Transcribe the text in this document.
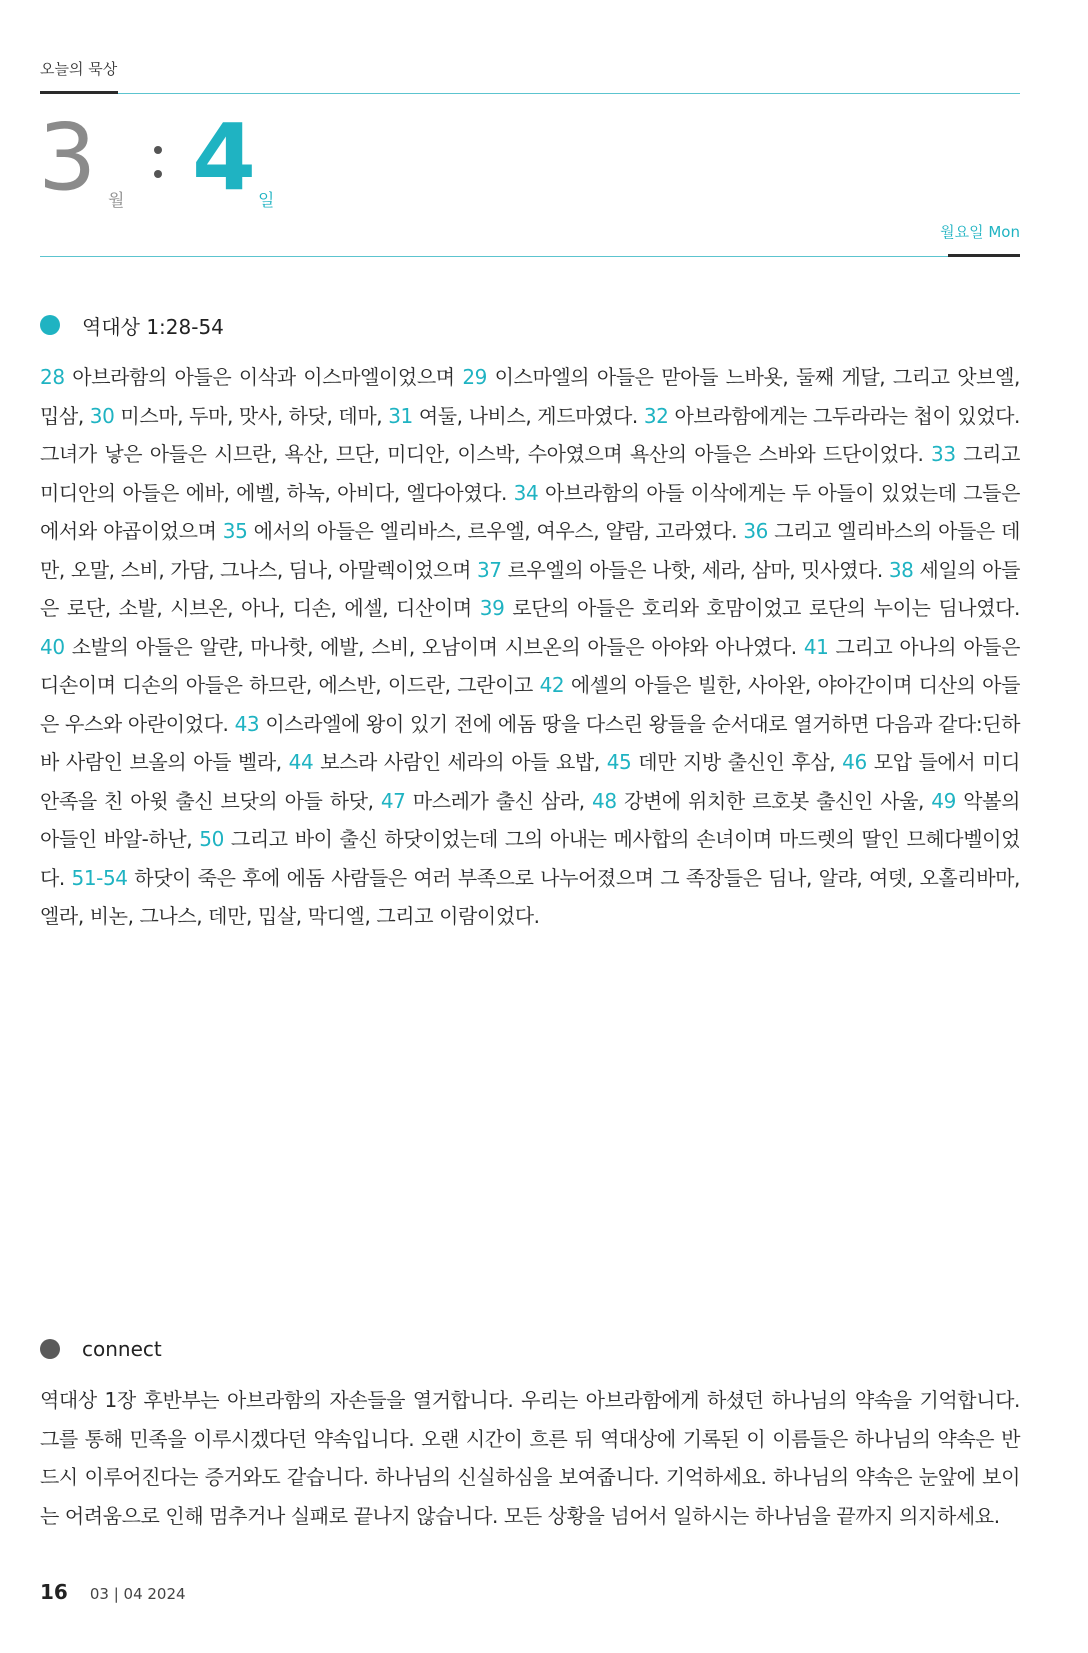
오늘의 묵상
3 월 4 일
월요일 Mon
역대상 1:28-54
28 아브라함의 아들은 이삭과 이스마엘이었으며 29 이스마엘의 아들은 맏아들 느바욧, 둘째 게달, 그리고 앗브엘, 밉삼, 30 미스마, 두마, 맛사, 하닷, 데마, 31 여둘, 나비스, 게드마였다. 32 아브라함에게는 그두라라는 첩이 있었다. 그녀가 낳은 아들은 시므란, 욕산, 므단, 미디안, 이스박, 수아였으며 욕산의 아들은 스바와 드단이었다. 33 그리고 미디안의 아들은 에바, 에벨, 하녹, 아비다, 엘다아였다. 34 아브라함의 아들 이삭에게는 두 아들이 있었는데 그들은 에서와 야곱이었으며 35 에서의 아들은 엘리바스, 르우엘, 여우스, 얄람, 고라였다. 36 그리고 엘리바스의 아들은 데만, 오말, 스비, 가담, 그나스, 딤나, 아말렉이었으며 37 르우엘의 아들은 나핫, 세라, 삼마, 밋사였다. 38 세일의 아들은 로단, 소발, 시브온, 아나, 디손, 에셀, 디산이며 39 로단의 아들은 호리와 호맘이었고 로단의 누이는 딤나였다. 40 소발의 아들은 알랸, 마나핫, 에발, 스비, 오남이며 시브온의 아들은 아야와 아나였다. 41 그리고 아나의 아들은 디손이며 디손의 아들은 하므란, 에스반, 이드란, 그란이고 42 에셀의 아들은 빌한, 사아완, 야아간이며 디산의 아들은 우스와 아란이었다. 43 이스라엘에 왕이 있기 전에 에돔 땅을 다스린 왕들을 순서대로 열거하면 다음과 같다:딘하바 사람인 브올의 아들 벨라, 44 보스라 사람인 세라의 아들 요밥, 45 데만 지방 출신인 후삼, 46 모압 들에서 미디안족을 친 아윗 출신 브닷의 아들 하닷, 47 마스레가 출신 삼라, 48 강변에 위치한 르호봇 출신인 사울, 49 악볼의 아들인 바알-하난, 50 그리고 바이 출신 하닷이었는데 그의 아내는 메사합의 손녀이며 마드렛의 딸인 므헤다벨이었다. 51-54 하닷이 죽은 후에 에돔 사람들은 여러 부족으로 나누어졌으며 그 족장들은 딤나, 알랴, 여뎃, 오홀리바마, 엘라, 비논, 그나스, 데만, 밉살, 막디엘, 그리고 이람이었다.
connect
역대상 1장 후반부는 아브라함의 자손들을 열거합니다. 우리는 아브라함에게 하셨던 하나님의 약속을 기억합니다. 그를 통해 민족을 이루시겠다던 약속입니다. 오랜 시간이 흐른 뒤 역대상에 기록된 이 이름들은 하나님의 약속은 반드시 이루어진다는 증거와도 같습니다. 하나님의 신실하심을 보여줍니다. 기억하세요. 하나님의 약속은 눈앞에 보이는 어려움으로 인해 멈추거나 실패로 끝나지 않습니다. 모든 상황을 넘어서 일하시는 하나님을 끝까지 의지하세요.
16 03 | 04 2024
